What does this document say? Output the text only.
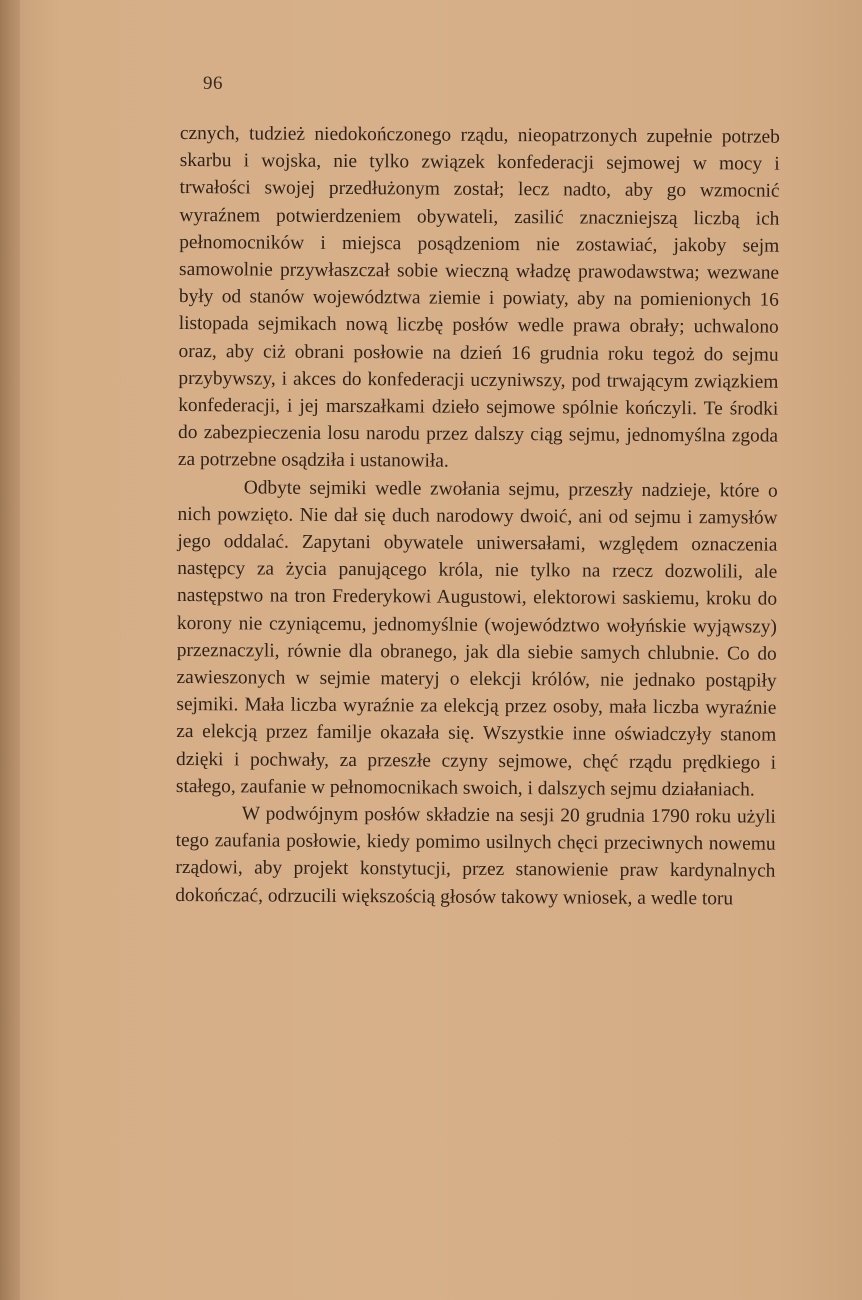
96

cznych, tudzież niedokończonego rządu, nieopatrzonych zupełnie potrzeb skarbu i wojska, nie tylko związek konfederacji sejmowej w mocy i trwałości swojej przedłużonym został; lecz nadto, aby go wzmocnić wyraźnem potwierdzeniem obywateli, zasilić znaczniejszą liczbą ich pełnomocników i miejsca posądzeniom nie zostawiać, jakoby sejm samowolnie przywłaszczał sobie wieczną władzę prawodawstwa; wezwane były od stanów województwa ziemie i powiaty, aby na pomienionych 16 listopada sejmikach nową liczbę posłów wedle prawa obrały; uchwalono oraz, aby ciż obrani posłowie na dzień 16 grudnia roku tegoż do sejmu przybywszy, i akces do konfederacji uczyniwszy, pod trwającym związkiem konfederacji, i jej marszałkami dzieło sejmowe spólnie kończyli. Te środki do zabezpieczenia losu narodu przez dalszy ciąg sejmu, jednomyślna zgoda za potrzebne osądziła i ustanowiła.

Odbyte sejmiki wedle zwołania sejmu, przeszły nadzieje, które o nich powzięto. Nie dał się duch narodowy dwoić, ani od sejmu i zamysłów jego oddalać. Zapytani obywatele uniwersałami, względem oznaczenia następcy za życia panującego króla, nie tylko na rzecz dozwolili, ale następstwo na tron Frederykowi Augustowi, elektorowi saskiemu, kroku do korony nie czyniącemu, jednomyślnie (województwo wołyńskie wyjąwszy) przeznaczyli, równie dla obranego, jak dla siebie samych chlubnie. Co do zawieszonych w sejmie materyj o elekcji królów, nie jednako postąpiły sejmiki. Mała liczba wyraźnie za elekcją przez osoby, mała liczba wyraźnie za elekcją przez familje okazała się. Wszystkie inne oświadczyły stanom dzięki i pochwały, za przeszłe czyny sejmowe, chęć rządu prędkiego i stałego, zaufanie w pełnomocnikach swoich, i dalszych sejmu działaniach.

W podwójnym posłów składzie na sesji 20 grudnia 1790 roku użyli tego zaufania posłowie, kiedy pomimo usilnych chęci przeciwnych nowemu rządowi, aby projekt konstytucji, przez stanowienie praw kardynalnych dokończać, odrzucili większością głosów takowy wniosek, a wedle toru
